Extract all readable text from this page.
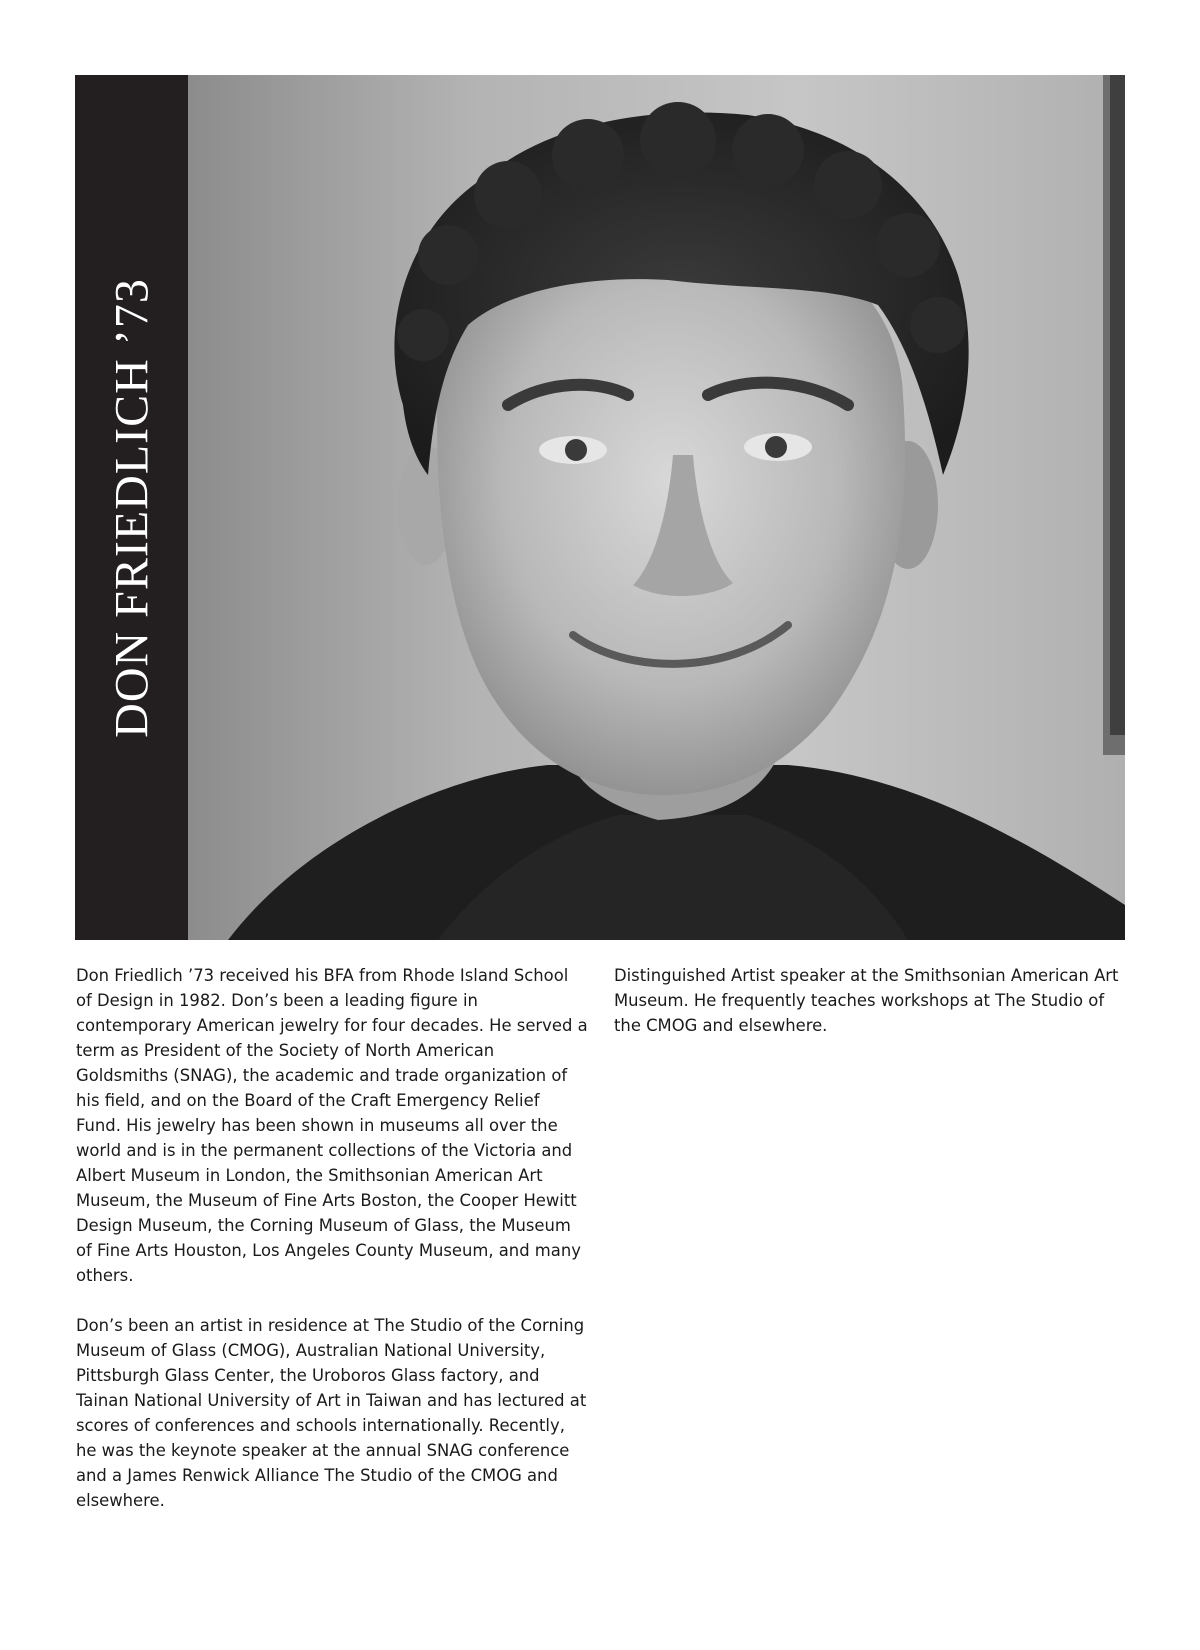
DON FRIEDLICH ’73

Don Friedlich ’73 received his BFA from Rhode Island School of Design in 1982. Don’s been a leading figure in contemporary American jewelry for four decades. He served a term as President of the Society of North American Goldsmiths (SNAG), the academic and trade organization of his field, and on the Board of the Craft Emergency Relief Fund. His jewelry has been shown in museums all over the world and is in the permanent collections of the Victoria and Albert Museum in London, the Smithsonian American Art Museum, the Museum of Fine Arts Boston, the Cooper Hewitt Design Museum, the Corning Museum of Glass, the Museum of Fine Arts Houston, Los Angeles County Museum, and many others.

Don’s been an artist in residence at The Studio of the Corning Museum of Glass (CMOG), Australian National University, Pittsburgh Glass Center, the Uroboros Glass factory, and Tainan National University of Art in Taiwan and has lectured at scores of conferences and schools internationally. Recently, he was the keynote speaker at the annual SNAG conference and a James Renwick Alliance The Studio of the CMOG and elsewhere.

Distinguished Artist speaker at the Smithsonian American Art Museum. He frequently teaches workshops at The Studio of the CMOG and elsewhere.
